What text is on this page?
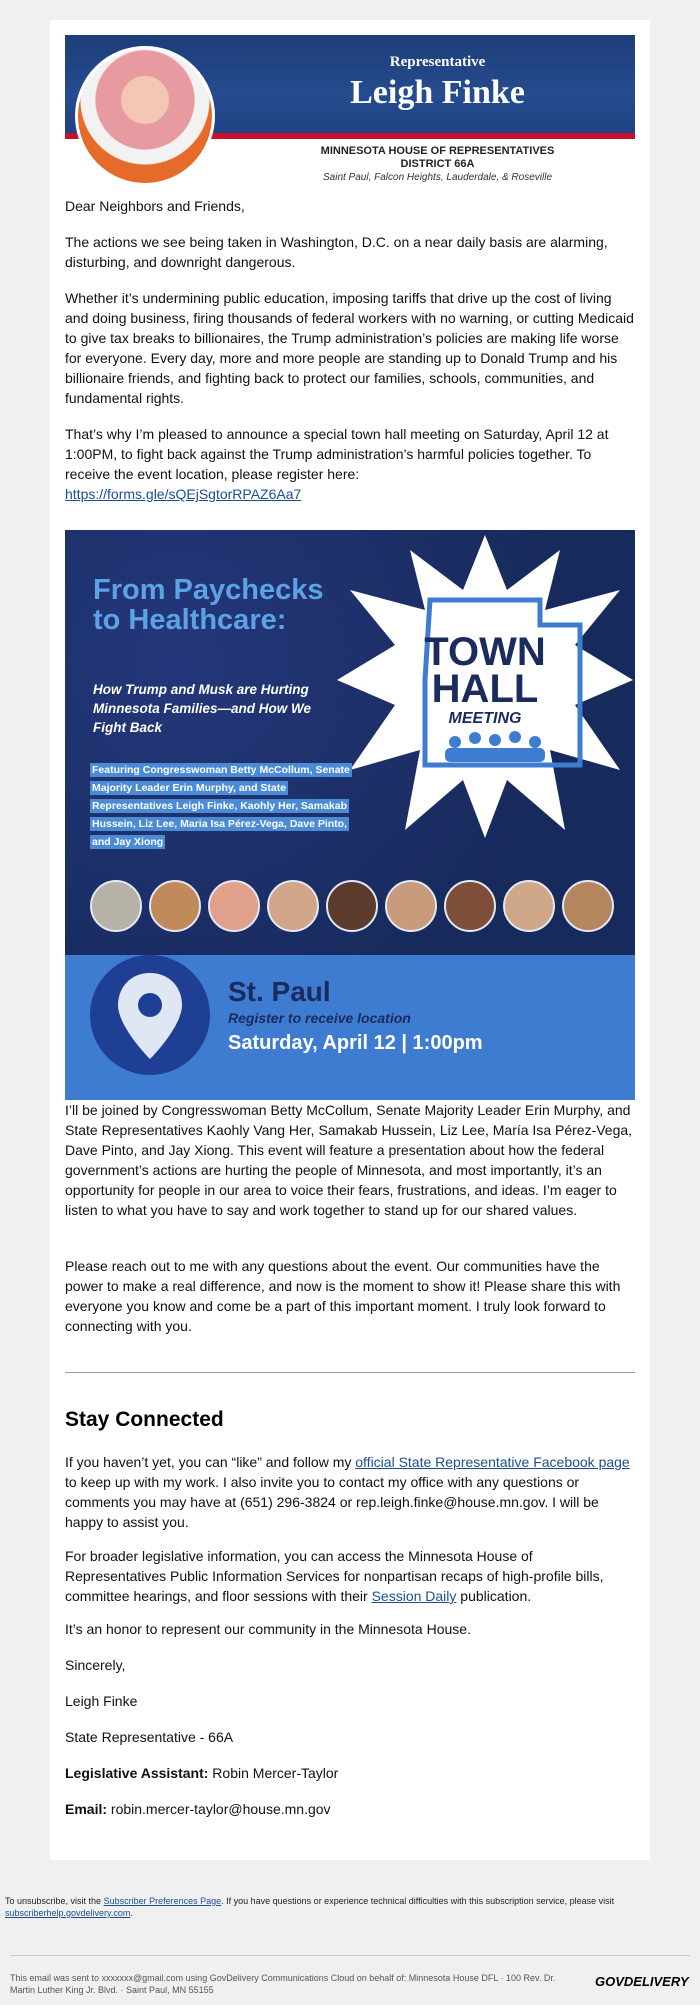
Representative
Leigh Finke
MINNESOTA HOUSE OF REPRESENTATIVES
DISTRICT 66A
Saint Paul, Falcon Heights, Lauderdale, & Roseville

Dear Neighbors and Friends,

The actions we see being taken in Washington, D.C. on a near daily basis are alarming, disturbing, and downright dangerous.

Whether it’s undermining public education, imposing tariffs that drive up the cost of living and doing business, firing thousands of federal workers with no warning, or cutting Medicaid to give tax breaks to billionaires, the Trump administration’s policies are making life worse for everyone. Every day, more and more people are standing up to Donald Trump and his billionaire friends, and fighting back to protect our families, schools, communities, and fundamental rights.

That’s why I’m pleased to announce a special town hall meeting on Saturday, April 12 at 1:00PM, to fight back against the Trump administration’s harmful policies together. To receive the event location, please register here:
https://forms.gle/sQEjSgtorRPAZ6Aa7

TOWN
HALL
MEETING
From Paychecks to Healthcare:
How Trump and Musk are Hurting Minnesota Families—and How We Fight Back
Featuring Congresswoman Betty McCollum, Senate Majority Leader Erin Murphy, and State Representatives Leigh Finke, Kaohly Her, Samakab Hussein, Liz Lee, Maria Isa Pérez-Vega, Dave Pinto, and Jay Xiong
St. Paul
Register to receive location
Saturday, April 12 | 1:00pm

I’ll be joined by Congresswoman Betty McCollum, Senate Majority Leader Erin Murphy, and State Representatives Kaohly Vang Her, Samakab Hussein, Liz Lee, María Isa Pérez-Vega, Dave Pinto, and Jay Xiong. This event will feature a presentation about how the federal government’s actions are hurting the people of Minnesota, and most importantly, it’s an opportunity for people in our area to voice their fears, frustrations, and ideas. I’m eager to listen to what you have to say and work together to stand up for our shared values.

Please reach out to me with any questions about the event. Our communities have the power to make a real difference, and now is the moment to show it! Please share this with everyone you know and come be a part of this important moment. I truly look forward to connecting with you.

Stay Connected

If you haven’t yet, you can “like” and follow my official State Representative Facebook page to keep up with my work. I also invite you to contact my office with any questions or comments you may have at (651) 296-3824 or rep.leigh.finke@house.mn.gov. I will be happy to assist you.

For broader legislative information, you can access the Minnesota House of Representatives Public Information Services for nonpartisan recaps of high-profile bills, committee hearings, and floor sessions with their Session Daily publication.

It’s an honor to represent our community in the Minnesota House.

Sincerely,

Leigh Finke

State Representative - 66A

Legislative Assistant: Robin Mercer-Taylor

Email: robin.mercer-taylor@house.mn.gov

To unsubscribe, visit the Subscriber Preferences Page. If you have questions or experience technical difficulties with this subscription service, please visit subscriberhelp.govdelivery.com.
This email was sent to xxxxxxx@gmail.com using GovDelivery Communications Cloud on behalf of: Minnesota House DFL · 100 Rev. Dr. Martin Luther King Jr. Blvd. · Saint Paul, MN 55155
GOVDELIVERY
